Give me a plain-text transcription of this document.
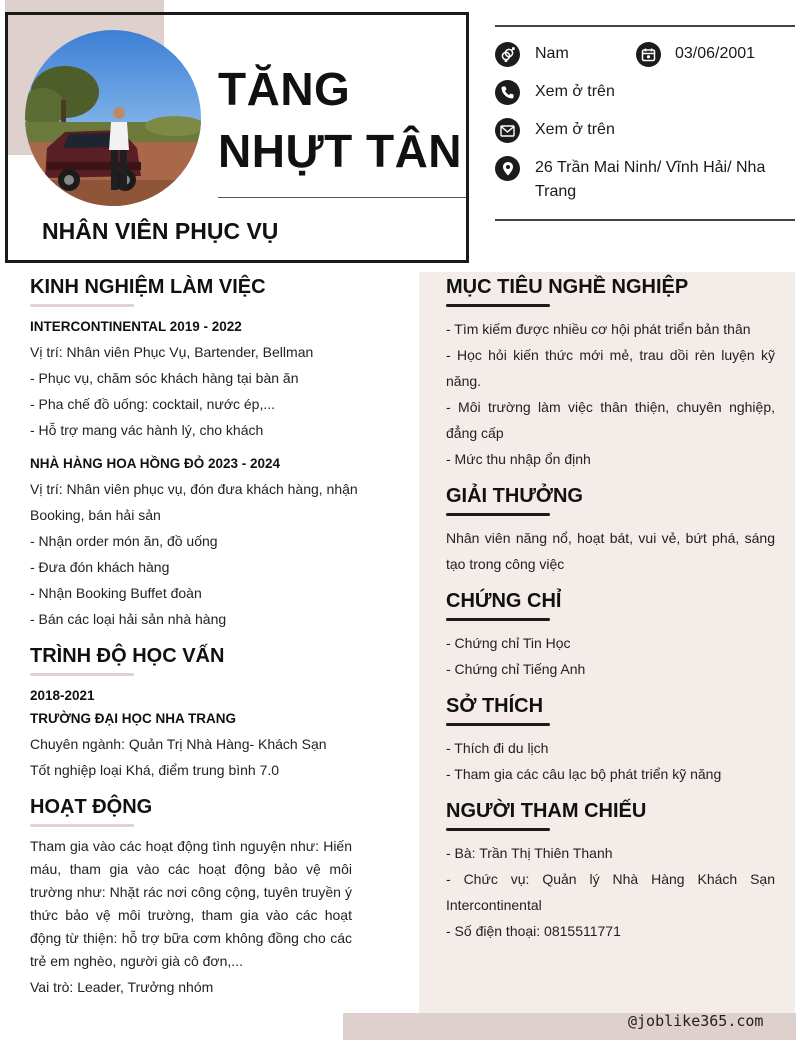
TĂNG
NHỰT TÂN
NHÂN VIÊN PHỤC VỤ
Nam	03/06/2001
Xem ở trên
Xem ở trên
26 Trần Mai Ninh/ Vĩnh Hải/ Nha Trang
KINH NGHIỆM LÀM VIỆC
INTERCONTINENTAL 2019 - 2022
Vị trí: Nhân viên Phục Vụ, Bartender, Bellman
- Phục vụ, chăm sóc khách hàng tại bàn ăn
- Pha chế đồ uống: cocktail, nước ép,...
- Hỗ trợ mang vác hành lý, cho khách
NHÀ HÀNG HOA HỒNG ĐỎ 2023 - 2024
Vị trí: Nhân viên phục vụ, đón đưa khách hàng, nhận
Booking, bán hải sản
- Nhận order món ăn, đồ uống
- Đưa đón khách hàng
- Nhận Booking Buffet đoàn
- Bán các loại hải sản nhà hàng
TRÌNH ĐỘ HỌC VẤN
2018-2021
TRƯỜNG ĐẠI HỌC NHA TRANG
Chuyên ngành: Quản Trị Nhà Hàng- Khách Sạn
Tốt nghiệp loại Khá, điểm trung bình 7.0
HOẠT ĐỘNG
Tham gia vào các hoạt động tình nguyện như: Hiến máu, tham gia vào các hoạt động bảo vệ môi trường như: Nhặt rác nơi công cộng, tuyên truyền ý thức bảo vệ môi trường, tham gia vào các hoạt động từ thiện: hỗ trợ bữa cơm không đồng cho các trẻ em nghèo, người già cô đơn,...
Vai trò: Leader, Trưởng nhóm
MỤC TIÊU NGHỀ NGHIỆP
- Tìm kiếm được nhiều cơ hội phát triển bản thân
- Học hỏi kiến thức mới mẻ, trau dồi rèn luyện kỹ năng.
- Môi trường làm việc thân thiện, chuyên nghiệp, đẳng cấp
- Mức thu nhập ổn định
GIẢI THƯỞNG
Nhân viên năng nổ, hoạt bát, vui vẻ, bứt phá, sáng tạo trong công việc
CHỨNG CHỈ
- Chứng chỉ Tin Học
- Chứng chỉ Tiếng Anh
SỞ THÍCH
- Thích đi du lịch
- Tham gia các câu lạc bộ phát triển kỹ năng
NGƯỜI THAM CHIẾU
- Bà: Trần Thị Thiên Thanh
- Chức vụ: Quản lý Nhà Hàng Khách Sạn Intercontinental
- Số điện thoại: 0815511771
@joblike365.com
